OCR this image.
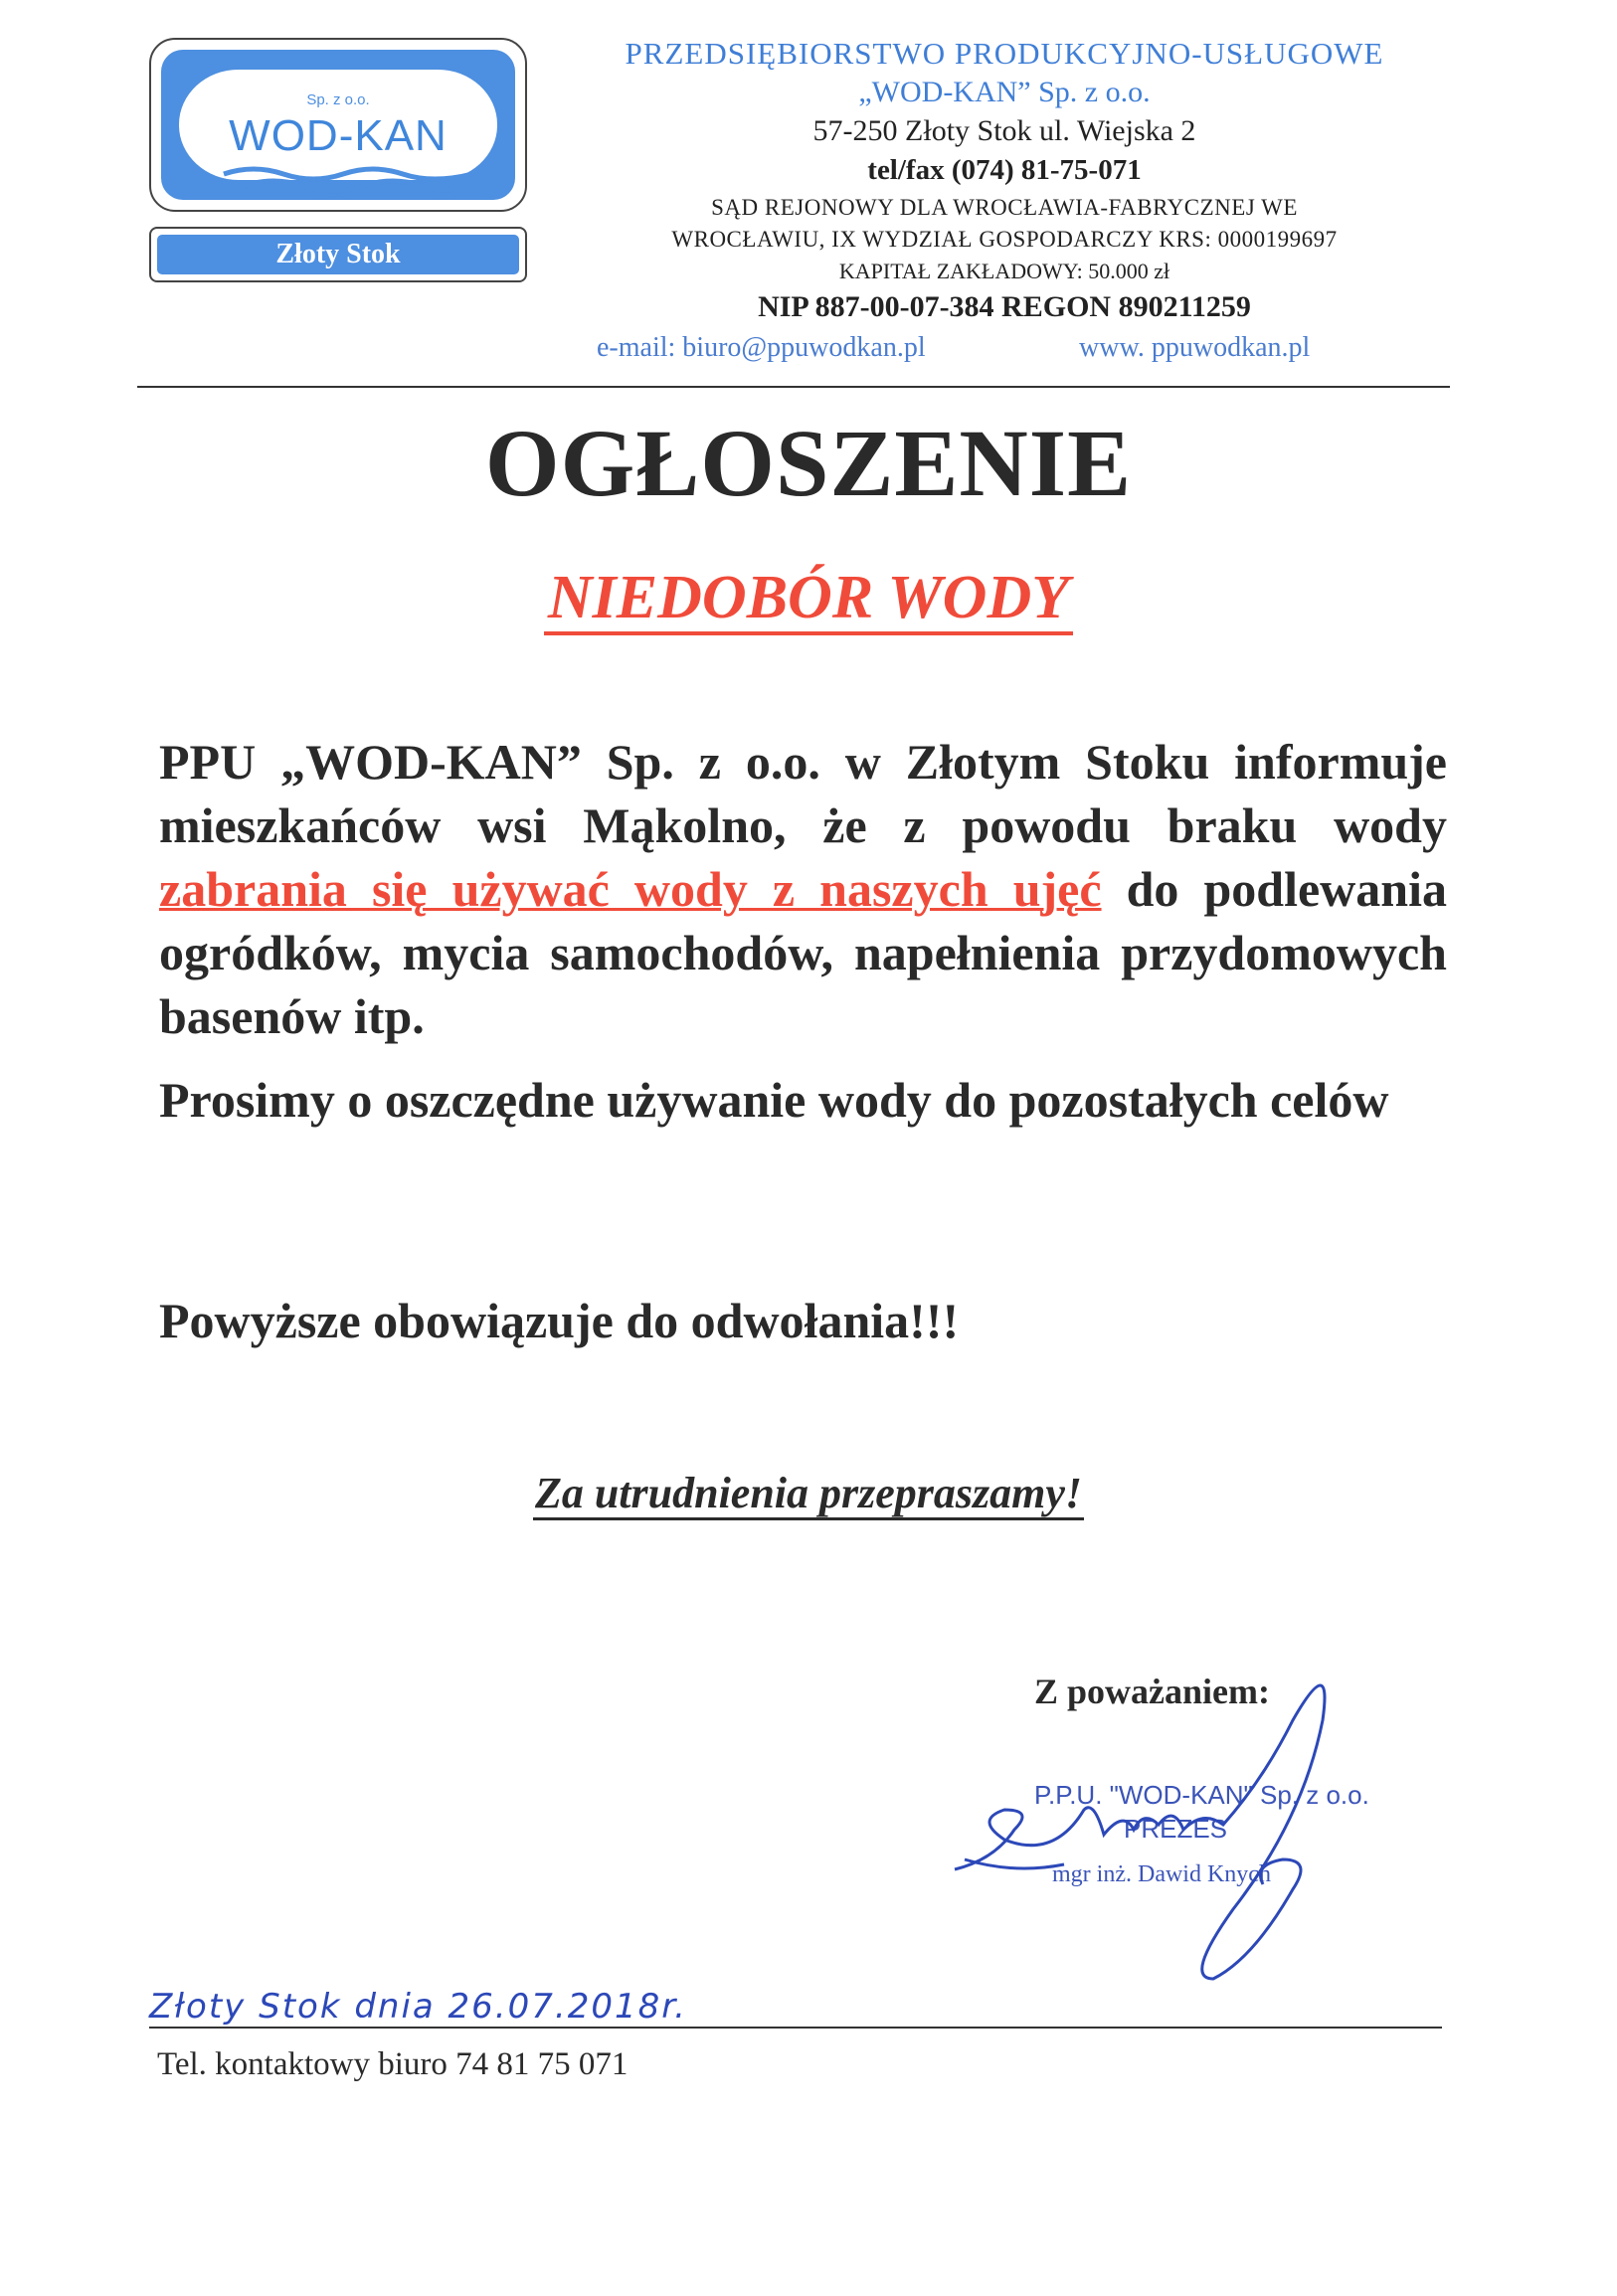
Sp. z o.o.
WOD-KAN
Złoty Stok
PRZEDSIĘBIORSTWO PRODUKCYJNO-USŁUGOWE
„WOD-KAN” Sp. z o.o.
57-250 Złoty Stok ul. Wiejska 2
tel/fax (074) 81-75-071
SĄD REJONOWY DLA WROCŁAWIA-FABRYCZNEJ WE
WROCŁAWIU, IX WYDZIAŁ GOSPODARCZY KRS: 0000199697
KAPITAŁ ZAKŁADOWY: 50.000 zł
NIP 887-00-07-384 REGON 890211259
e-mail: biuro@ppuwodkan.pl	www. ppuwodkan.pl
OGŁOSZENIE
NIEDOBÓR WODY
PPU „WOD-KAN” Sp. z o.o. w Złotym Stoku informuje mieszkańców wsi Mąkolno, że z powodu braku wody zabrania się używać wody z naszych ujęć do podlewania ogródków, mycia samochodów, napełnienia przydomowych basenów itp.
Prosimy o oszczędne używanie wody do pozostałych celów
Powyższe obowiązuje do odwołania!!!
Za utrudnienia przepraszamy!
Z poważaniem:
P.P.U. "WOD-KAN" Sp. z o.o.
PREZES
mgr inż. Dawid Knych
Złoty Stok dnia 26.07.2018r.
Tel. kontaktowy biuro 74 81 75 071
